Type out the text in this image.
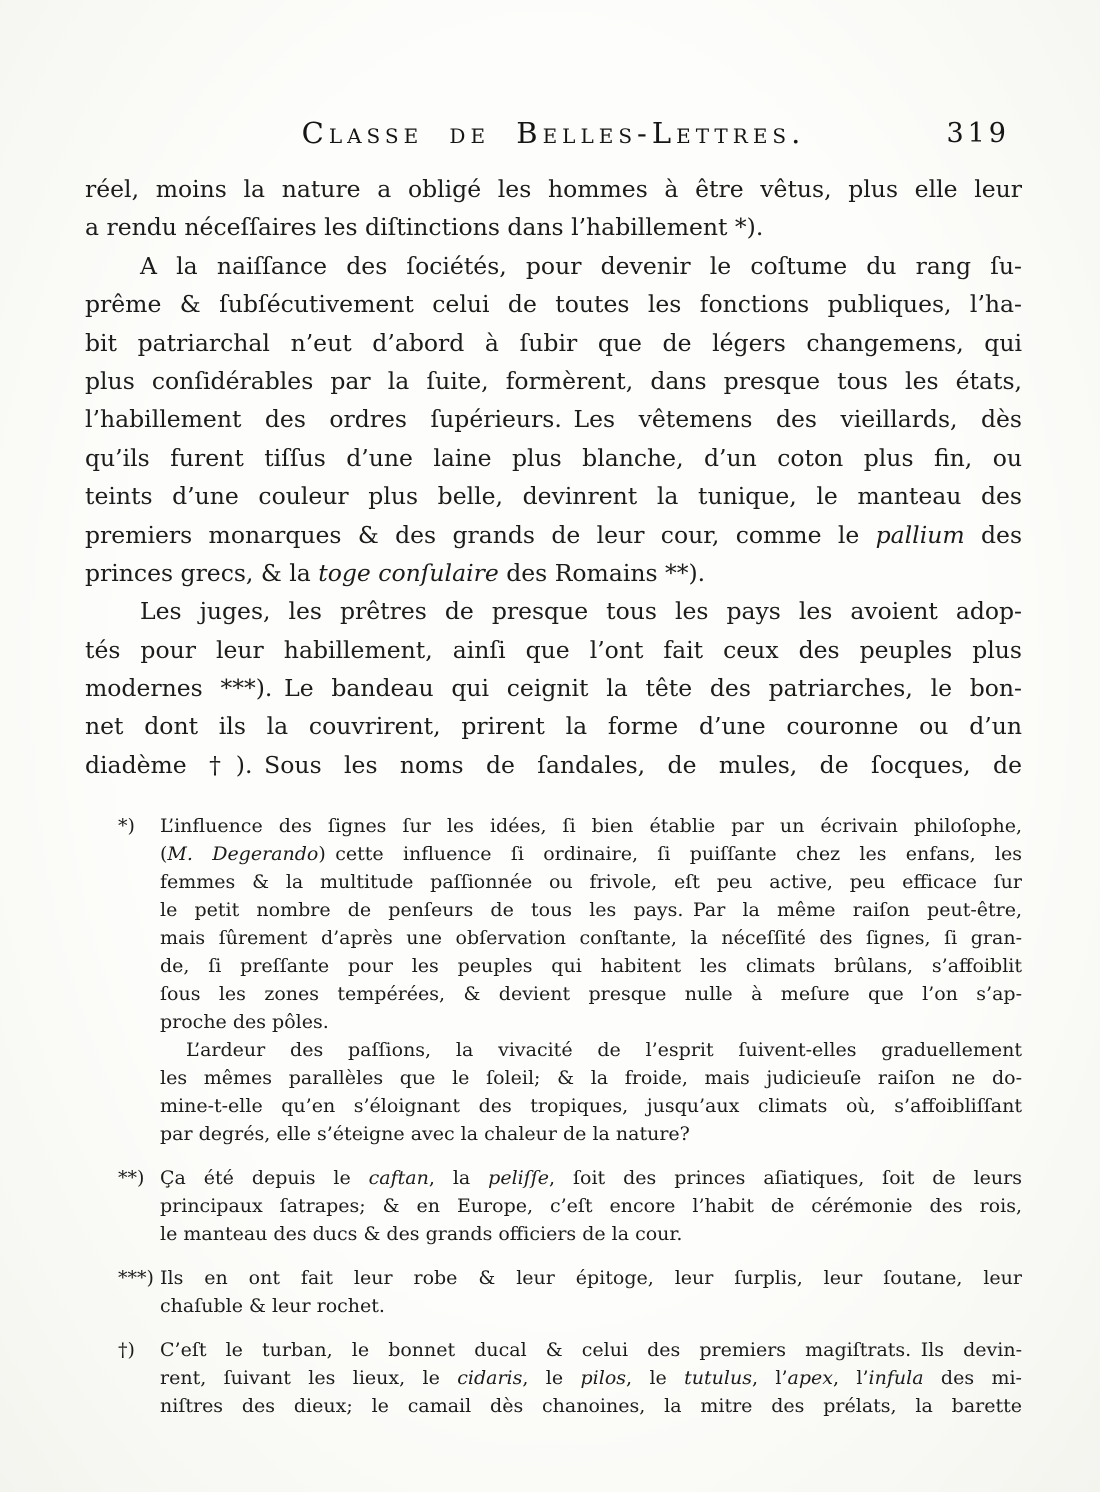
Classe de Belles-Lettres.	319
réel, moins la nature a obligé les hommes à être vêtus, plus elle leur
a rendu néceſſaires les diſtinctions dans l’habillement *).
A la naiſſance des ſociétés, pour devenir le coſtume du rang ſu-
prême & ſubſécutivement celui de toutes les fonctions publiques, l’ha-
bit patriarchal n’eut d’abord à ſubir que de légers changemens, qui
plus conſidérables par la ſuite, formèrent, dans presque tous les états,
l’habillement des ordres ſupérieurs. Les vêtemens des vieillards, dès
qu’ils furent tiſſus d’une laine plus blanche, d’un coton plus fin, ou
teints d’une couleur plus belle, devinrent la tunique, le manteau des
premiers monarques & des grands de leur cour, comme le pallium des
princes grecs, & la toge conſulaire des Romains **).
Les juges, les prêtres de presque tous les pays les avoient adop-
tés pour leur habillement, ainſi que l’ont fait ceux des peuples plus
modernes ***). Le bandeau qui ceignit la tête des patriarches, le bon-
net dont ils la couvrirent, prirent la forme d’une couronne ou d’un
diadème †). Sous les noms de ſandales, de mules, de ſocques, de
*) L’influence des ſignes ſur les idées, ſi bien établie par un écrivain philoſophe,
(M. Degerando) cette influence ſi ordinaire, ſi puiſſante chez les enfans, les
femmes & la multitude paſſionnée ou frivole, eſt peu active, peu efficace ſur
le petit nombre de penſeurs de tous les pays. Par la même raiſon peut-être,
mais ſûrement d’après une obſervation conſtante, la néceſſité des ſignes, ſi gran-
de, ſi preſſante pour les peuples qui habitent les climats brûlans, s’affoiblit
ſous les zones tempérées, & devient presque nulle à meſure que l’on s’ap-
proche des pôles.
L’ardeur des paſſions, la vivacité de l’esprit ſuivent-elles graduellement
les mêmes parallèles que le ſoleil; & la froide, mais judicieuſe raiſon ne do-
mine-t-elle qu’en s’éloignant des tropiques, jusqu’aux climats où, s’affoibliſſant
par degrés, elle s’éteigne avec la chaleur de la nature?
**) Ça été depuis le caftan, la peliſſe, ſoit des princes aſiatiques, ſoit de leurs
principaux ſatrapes; & en Europe, c’eſt encore l’habit de cérémonie des rois,
le manteau des ducs & des grands officiers de la cour.
***) Ils en ont fait leur robe & leur épitoge, leur ſurplis, leur ſoutane, leur
chaſuble & leur rochet.
†) C’eſt le turban, le bonnet ducal & celui des premiers magiſtrats. Ils devin-
rent, ſuivant les lieux, le cidaris, le pilos, le tutulus, l’apex, l’infula des mi-
niſtres des dieux; le camail dès chanoines, la mitre des prélats, la barette
